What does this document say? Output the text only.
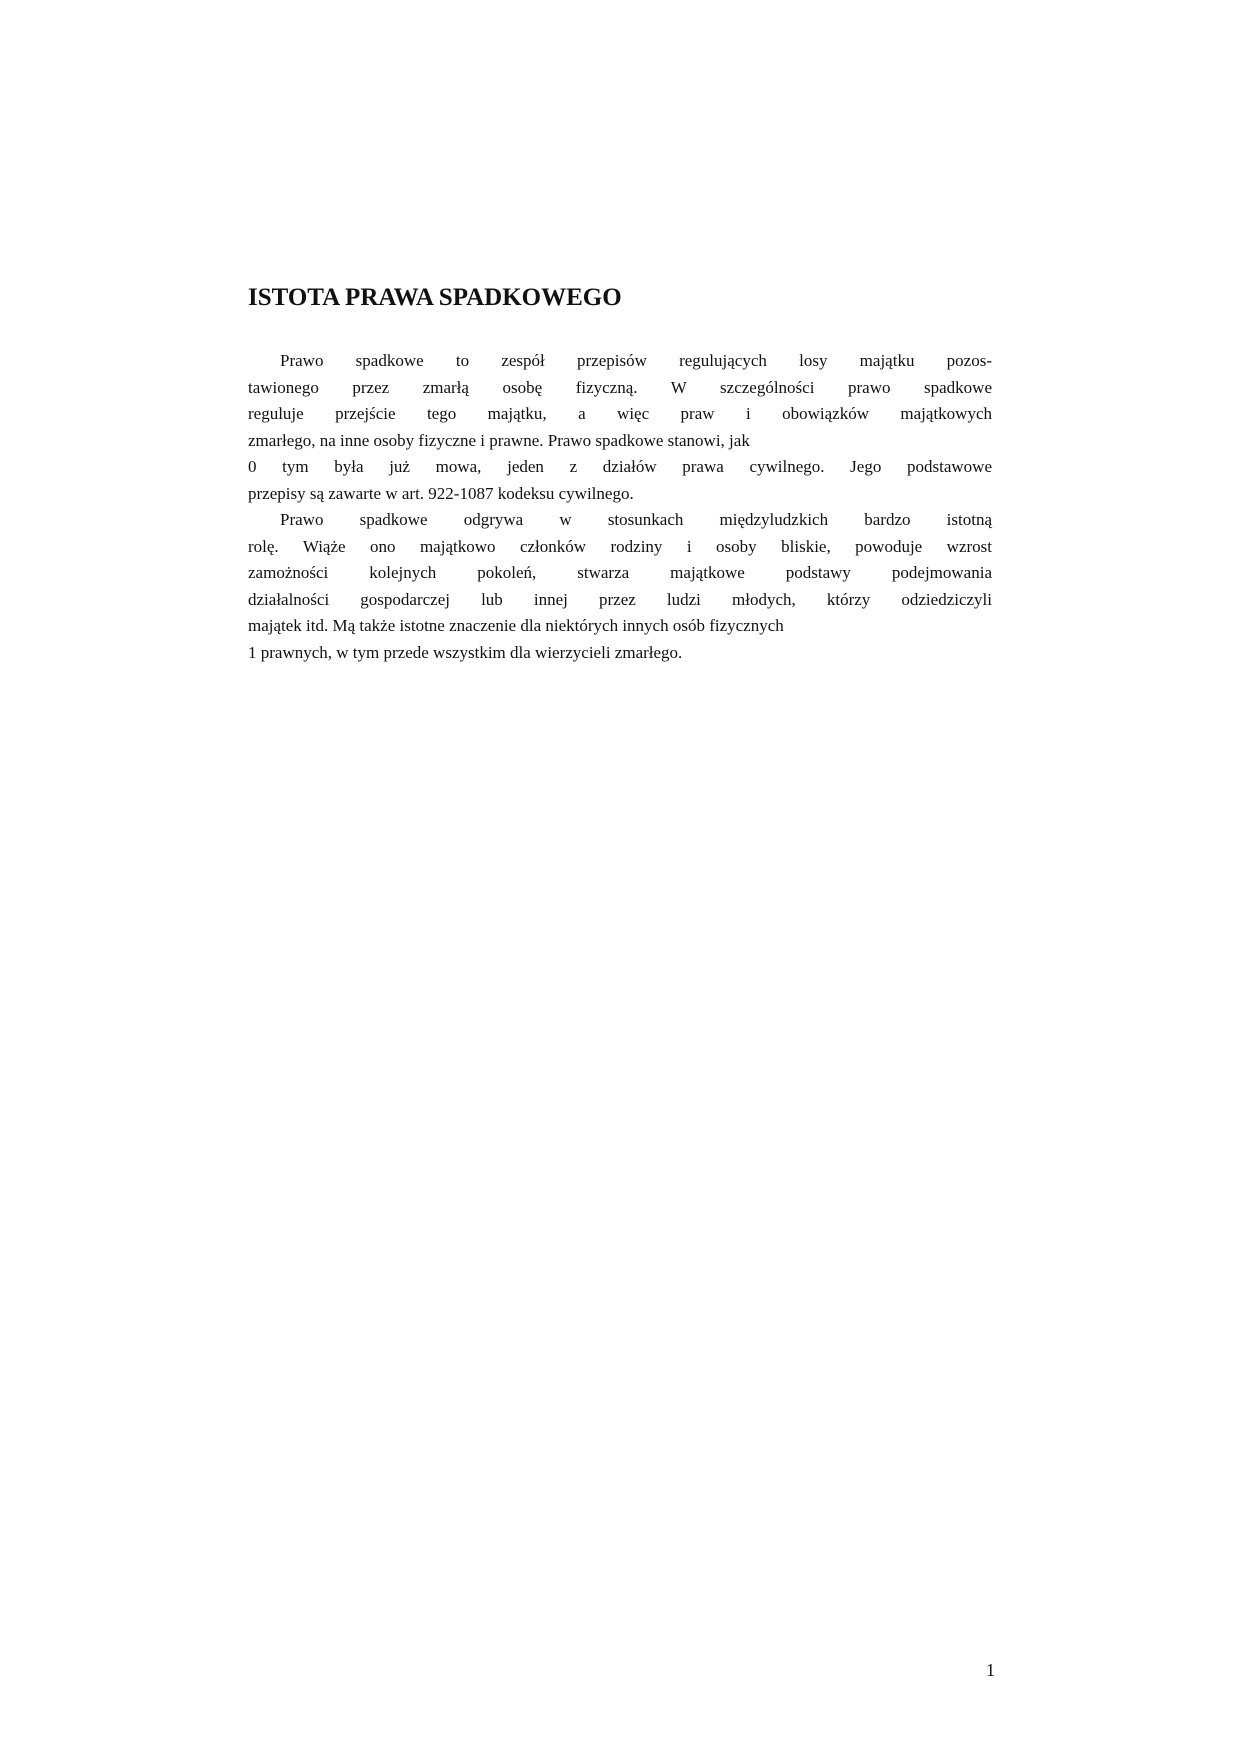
ISTOTA PRAWA SPADKOWEGO
Prawo spadkowe to zespół przepisów regulujących losy majątku pozos-
tawionego przez zmarłą osobę fizyczną. W szczególności prawo spadkowe
reguluje przejście tego majątku, a więc praw i obowiązków majątkowych
zmarłego, na inne osoby fizyczne i prawne. Prawo spadkowe stanowi, jak
0 tym była już mowa, jeden z działów prawa cywilnego. Jego podstawowe
przepisy są zawarte w art. 922-1087 kodeksu cywilnego.
Prawo spadkowe odgrywa w stosunkach międzyludzkich bardzo istotną
rolę. Wiąże ono majątkowo członków rodziny i osoby bliskie, powoduje wzrost
zamożności kolejnych pokoleń, stwarza majątkowe podstawy podejmowania
działalności gospodarczej lub innej przez ludzi młodych, którzy odziedziczyli
majątek itd. Mą także istotne znaczenie dla niektórych innych osób fizycznych
1 prawnych, w tym przede wszystkim dla wierzycieli zmarłego.
1
